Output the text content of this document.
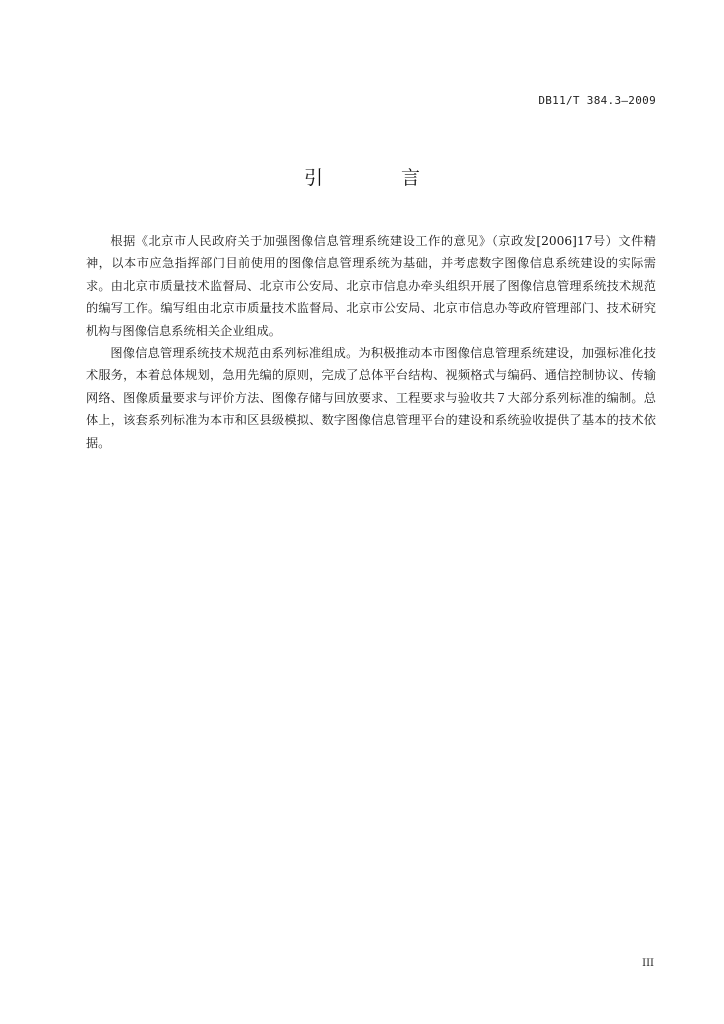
DB11/T 384.3—2009
引 言

根据《北京市人民政府关于加强图像信息管理系统建设工作的意见》（京政发[2006]17号）文件精神，以本市应急指挥部门目前使用的图像信息管理系统为基础，并考虑数字图像信息系统建设的实际需求。由北京市质量技术监督局、北京市公安局、北京市信息办牵头组织开展了图像信息管理系统技术规范的编写工作。编写组由北京市质量技术监督局、北京市公安局、北京市信息办等政府管理部门、技术研究机构与图像信息系统相关企业组成。

图像信息管理系统技术规范由系列标准组成。为积极推动本市图像信息管理系统建设，加强标准化技术服务，本着总体规划，急用先编的原则，完成了总体平台结构、视频格式与编码、通信控制协议、传输网络、图像质量要求与评价方法、图像存储与回放要求、工程要求与验收共７大部分系列标准的编制。总体上，该套系列标准为本市和区县级模拟、数字图像信息管理平台的建设和系统验收提供了基本的技术依据。

III
